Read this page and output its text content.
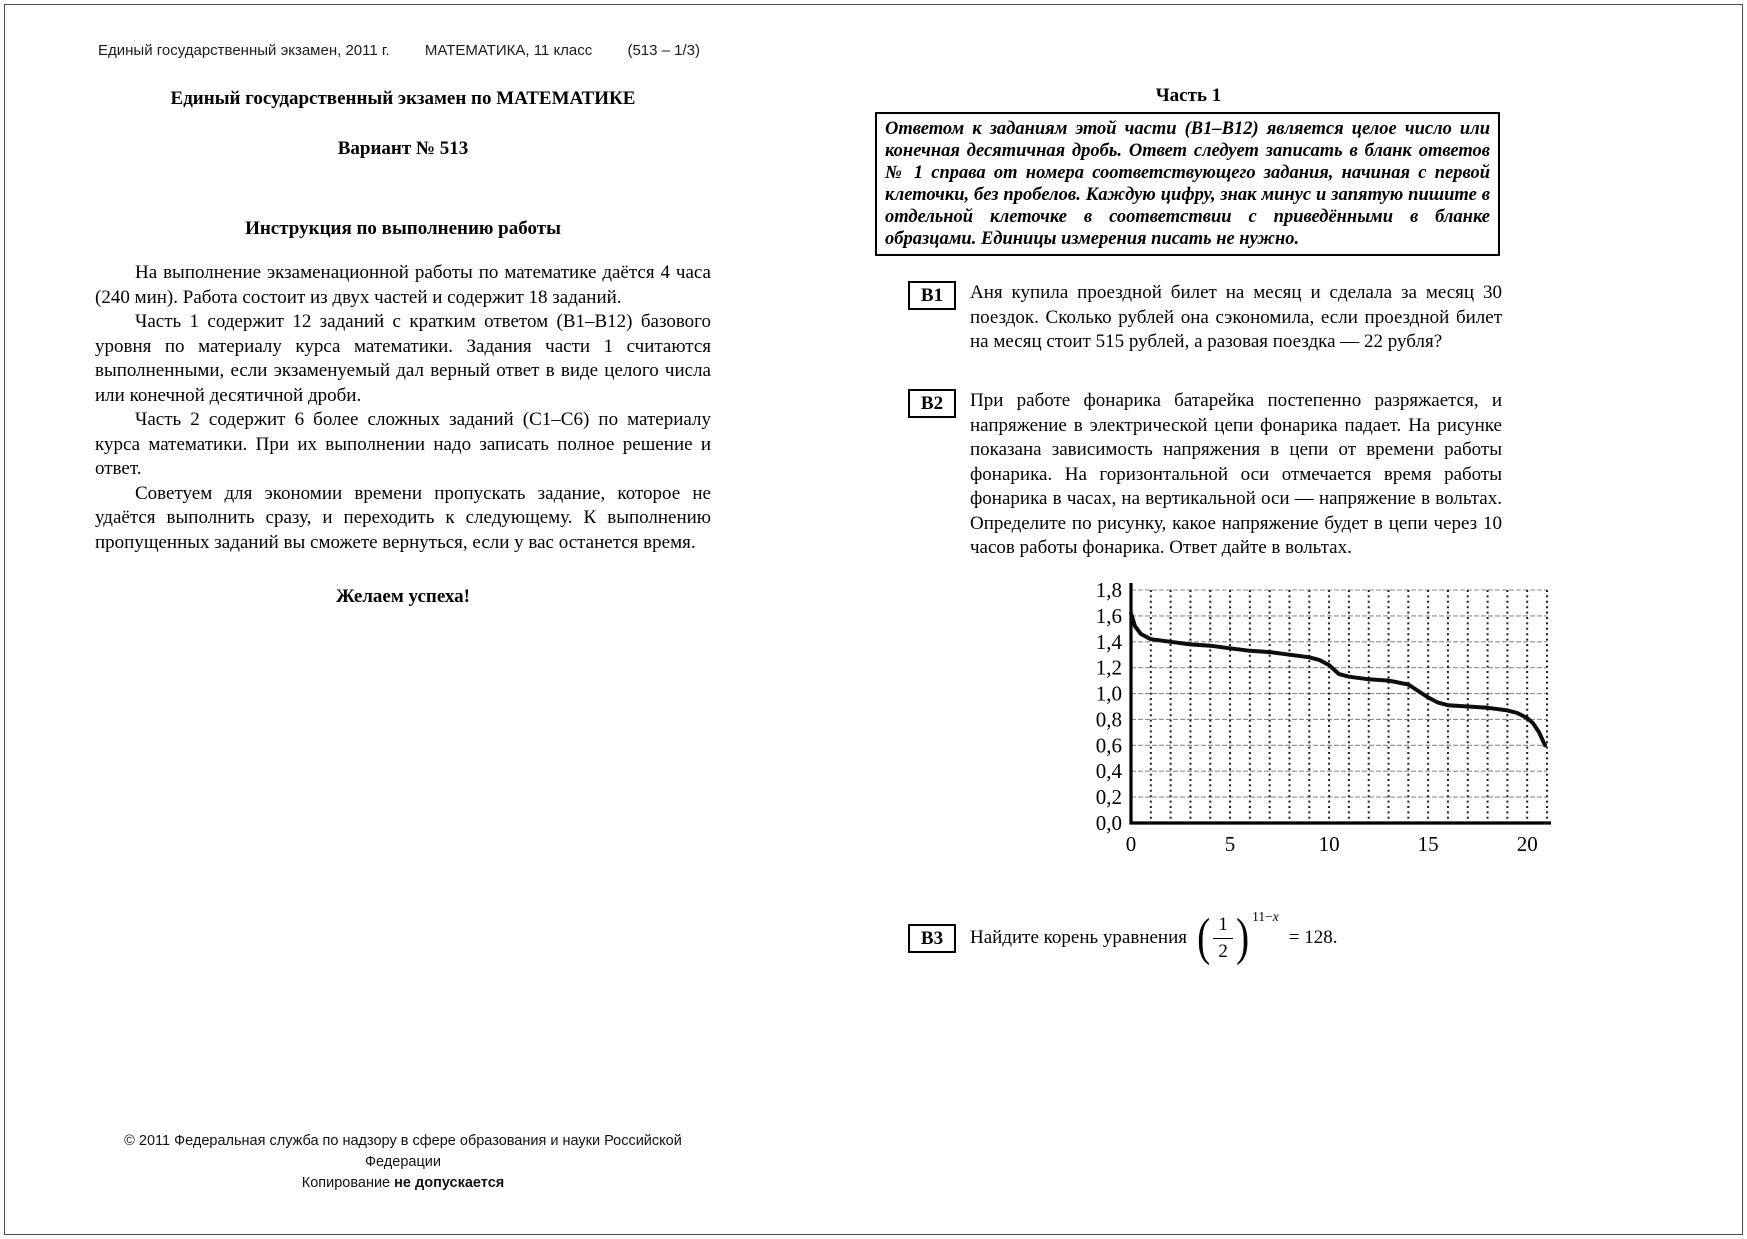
Единый государственный экзамен, 2011 г. МАТЕМАТИКА, 11 класс (513 – 1/3)
Единый государственный экзамен по МАТЕМАТИКЕ
Вариант № 513
Инструкция по выполнению работы

На выполнение экзаменационной работы по математике даётся 4 часа (240 мин). Работа состоит из двух частей и содержит 18 заданий.

Часть 1 содержит 12 заданий с кратким ответом (В1–В12) базового уровня по материалу курса математики. Задания части 1 считаются выполненными, если экзаменуемый дал верный ответ в виде целого числа или конечной десятичной дроби.

Часть 2 содержит 6 более сложных заданий (С1–С6) по материалу курса математики. При их выполнении надо записать полное решение и ответ.

Советуем для экономии времени пропускать задание, которое не удаётся выполнить сразу, и переходить к следующему. К выполнению пропущенных заданий вы сможете вернуться, если у вас останется время.

Желаем успеха!
© 2011 Федеральная служба по надзору в сфере образования и науки Российской Федерации
Копирование не допускается
Часть 1
Ответом к заданиям этой части (В1–В12) является целое число или конечная десятичная дробь. Ответ следует записать в бланк ответов № 1 справа от номера соответствующего задания, начиная с первой клеточки, без пробелов. Каждую цифру, знак минус и запятую пишите в отдельной клеточке в соответствии с приведёнными в бланке образцами. Единицы измерения писать не нужно.
В1	Аня купила проездной билет на месяц и сделала за месяц 30 поездок. Сколько рублей она сэкономила, если проездной билет на месяц стоит 515 рублей, а разовая поездка — 22 рубля?
В2	При работе фонарика батарейка постепенно разряжается, и напряжение в электрической цепи фонарика падает. На рисунке показана зависимость напряжения в цепи от времени работы фонарика. На горизонтальной оси отмечается время работы фонарика в часах, на вертикальной оси — напряжение в вольтах. Определите по рисунку, какое напряжение будет в цепи через 10 часов работы фонарика. Ответ дайте в вольтах.
В3	Найдите корень уравнения ( $\frac{1}{2}$ ) 11−x
= 128.
0,0
0,2
0,4
0,6
0,8
1,0
1,2
1,4
1,6
1,8
0	5	10	15	20
